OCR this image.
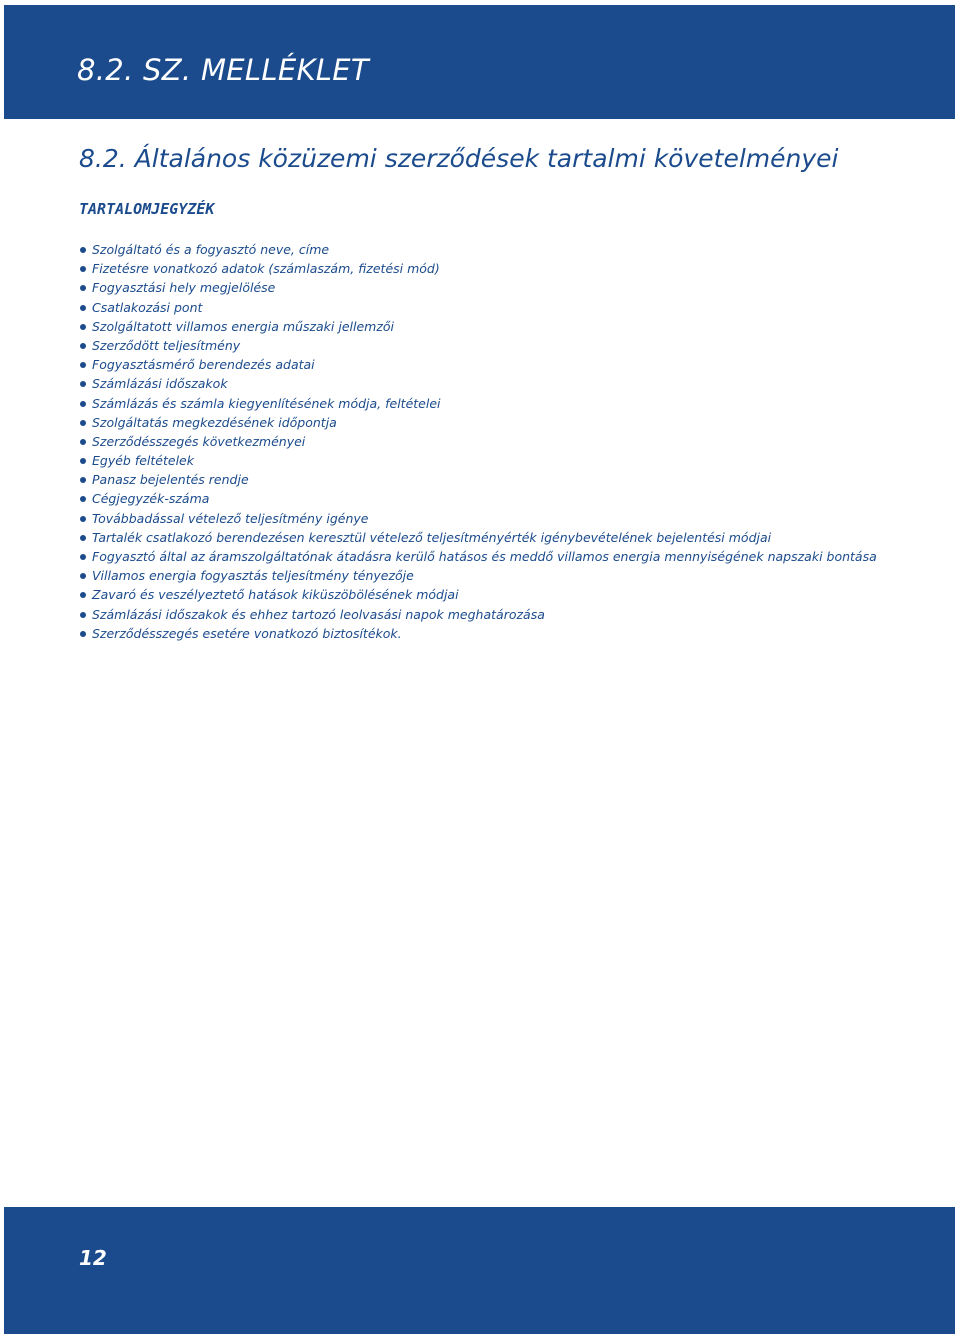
8.2. SZ. MELLÉKLET
8.2. Általános közüzemi szerződések tartalmi követelményei
TARTALOMJEGYZÉK
Szolgáltató és a fogyasztó neve, címe
Fizetésre vonatkozó adatok (számlaszám, fizetési mód)
Fogyasztási hely megjelölése
Csatlakozási pont
Szolgáltatott villamos energia műszaki jellemzői
Szerződött teljesítmény
Fogyasztásmérő berendezés adatai
Számlázási időszakok
Számlázás és számla kiegyenlítésének módja, feltételei
Szolgáltatás megkezdésének időpontja
Szerződésszegés következményei
Egyéb feltételek
Panasz bejelentés rendje
Cégjegyzék-száma
Továbbadással vételező teljesítmény igénye
Tartalék csatlakozó berendezésen keresztül vételező teljesítményérték igénybevételének bejelentési módjai
Fogyasztó által az áramszolgáltatónak átadásra kerülő hatásos és meddő villamos energia mennyiségének napszaki bontása
Villamos energia fogyasztás teljesítmény tényezője
Zavaró és veszélyeztető hatások kiküszöbölésének módjai
Számlázási időszakok és ehhez tartozó leolvasási napok meghatározása
Szerződésszegés esetére vonatkozó biztosítékok.
12
